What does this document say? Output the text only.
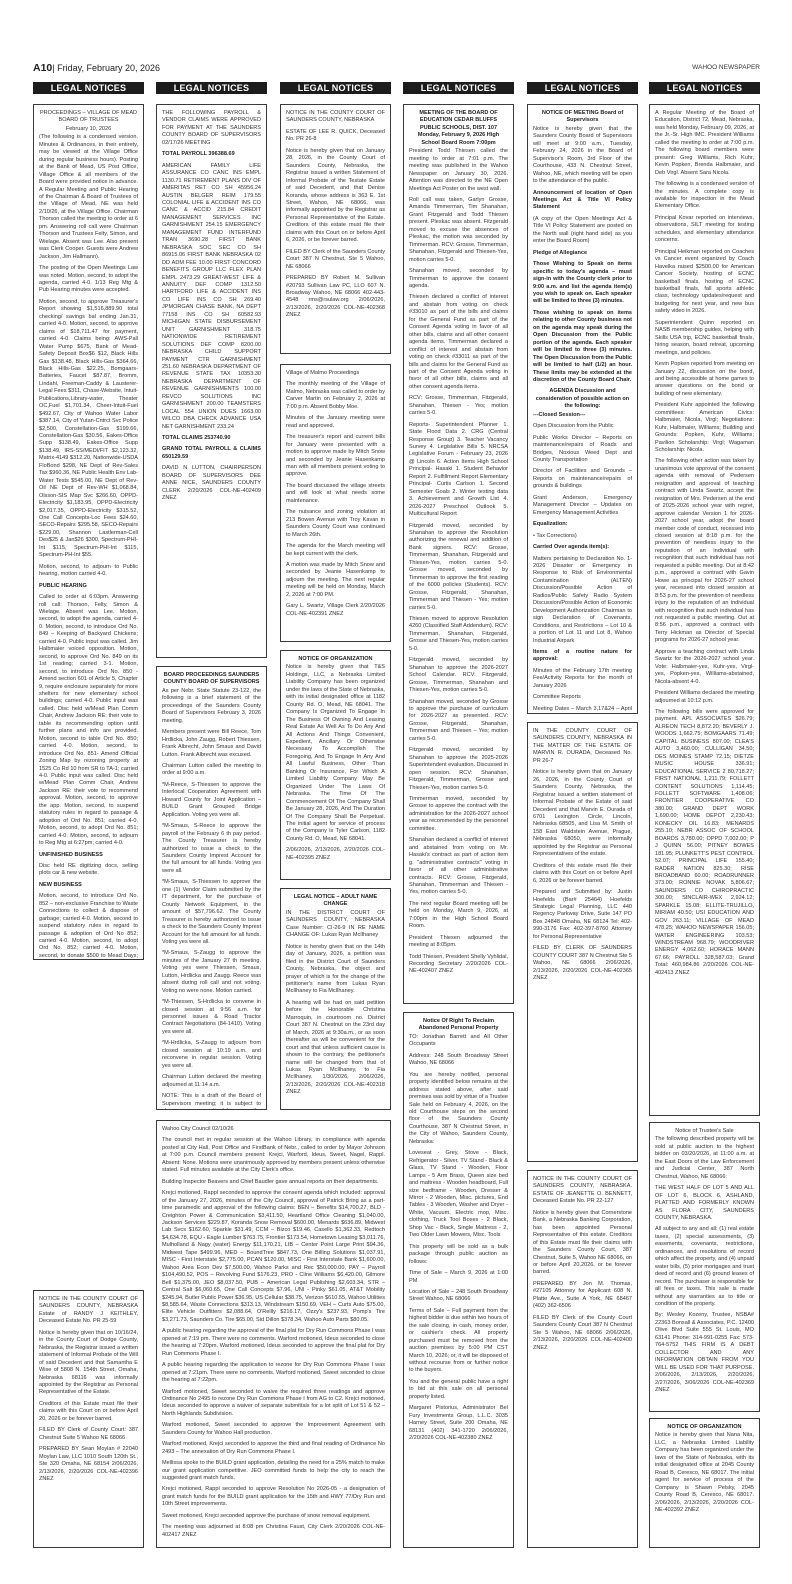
A10| Friday, February 20, 2026	WAHOO NEWSPAPER
LEGAL NOTICES	LEGAL NOTICES	LEGAL NOTICES	LEGAL NOTICES	LEGAL NOTICES	LEGAL NOTICES

PROCEEDINGS – VILLAGE OF MEAD BOARD OF TRUSTEES

February 10, 2026

(The following is a condensed version. Minutes & Ordinances, in their entirety, may be viewed at the Village Office during regular business hours). Posting at the Bank of Mead, US Post Office, Village Office & all members of the Board were provided notice in advance. A Regular Meeting and Public Hearing of the Chairman & Board of Trustees of the Village of Mead, NE was held 2/10/26, at the Village Office. Chairman Thorson called the meeting to order at 6 pm. Answering roll call were Chairman Thorson and Trustees Felty, Simon, and Wielage. Absent was Lee. Also present was Clerk Cooper. Guests were Andrew Jackson, Jim Hallmann).

The posting of the Open Meetings Law was noted. Motion, second, to adopt the agenda, carried 4-0. 1/13 Reg Mtg & Pub Hearing minutes were accepted.

Motion, second, to approve Treasurer's Report showing $1,516,889.90 total checking/ savings bal ending Jan.31, carried 4-0. Motion, second, to approve claims of $18,711.47 for payment, carried 4-0. Claims being: AWS-Pall Water Pump $675, Bank of Mead-Safety Deposit Box$6 $12, Black Hills Gas $138.48, Black Hills-Gas $364.66, Black Hills-Gas $22.25, Bomgaars-Batteries, Faucet $87.87, Bromm, Lindahl, Freeman-Caddy & Lausterer-Legal Fees $311, Chase-Website, Intuit-Publications,Library-water, Theater OC,Fuel $1,701.34, Cheer-Intuit-Fuel $492.67, City of Wahoo Water Labor $387.14, City of Yutan-Cntrct Svc Police $2,500, Constellation-Gas $199.66, Constellation-Gas $30.56, Eakes-Office Supp $138.49, Eakes-Office Supp $138.49, IRS-SS/MEDI/FIT $2,123.32, Matrix-4149 $312.20, Nationwide-USDA FloBond $298, NE Dept of Rev-Sales Tax $960.36, NE Public Health Env Lab-Water Tests $545.00, NE Dept of Rev-Oil NE Dept of Rev-WH $1,068.84, Olsson-SIS Map Svc $266.60, OPPD-Electricity $1,183.95, OPPD-Electricity $2,017.35, OPPD-Electricity $315.52, One Call Concepts-Loc Fees $24.60, SECO-Repairs $295.58, SECO-Repairs $229.00, Shannon Lastlerman-Cell Des$25 & Jan$26 $300, Spectrum-PHI-Int $115, Spectrum-PHI-Int $115, Spectrum-PH-Int $55.

Motion, second, to adjourn to Public hearing, motion carried 4-0.

PUBLIC HEARING

Called to order at 6:03pm. Answering roll call: Thorson, Felty, Simon & Wielage. Absent was Lee. Motion, second, to adopt the agenda, carried 4-0. Motion, second, to introduce Ord No. 849 – Keeping of Backyard Chickens; carried 4-0. Public input was called. Jim Halbmaier voiced opposition. Motion, second, to approve Ord No. 849 on its 1st reading; carried 3-1. Motion, second, to introduce Ord No. 850 - Amend section 601 of Article 5, Chapter 9, require enclosure separately for more shelters for new elementary school buildings; carried 4-0. Public input was called. Disc held w/Mead Plan Comm Chair, Andrew Jackson RE: their vote to table its recommending option until further plans and info are provided. Motion, second to table Ord No. 850; carried 4-0. Motion, second, to introduce Ord No. 851- Amend Official Zoning Map by rezoning property at 1525 Co Rd 10 from SR to TA-1; carried 4-0. Public input was called. Disc held w/Mead Plan Comm Chair, Andrew Jackson RE: their vote to recommend approval. Motion, second, to approve the app. Motion, second, to suspend statutory rules in regard to passage & adoption of Ord No. 851; carried 4-0. Motion, second, to adopt Ord No. 851; carried 4-0. Motion, second, to adjourn to Reg Mtg at 6:27pm; carried 4-0.

UNFINISHED BUSINESS

Disc held RE digitizing docs, selling plots car & new website.

NEW BUSINESS

Motion, second, to introduce Ord No. 852 – non-exclusive Franchise to Waste Connections to collect & dispose of garbage; carried 4-0. Motion, second to suspend statutory rules in regard to passage & adoption of Ord No 852; carried 4-0. Motion, second, to adopt Ord No. 852; carried 4-0. Motion, second, to donate $500 to Mead Days;

NOTICE IN THE COUNTY COURT OF SAUNDERS COUNTY, NEBRASKA Estate of RANDY J KEITHLEY, Deceased Estate No. PR 25-59

Notice is hereby given that on 10/16/24, in the County Court of Dodge County, Nebraska, the Registrar issued a written statement of Informal Probate of the Will of said Decedent and that Samantha E Wise of 5808 N. 154th Street, Omaha, Nebraska 68116 was informally appointed by the Registrar as Personal Representative of the Estate.

Creditors of this Estate must file their claims with this Court on or before April 20, 2026 or be forever barred.

FILED BY Clerk of County Court: 387 Chestnut Suite 5 Wahoo NE 68066

PREPARED BY Sean Moylan # 22040 Moylan Law, LLC 1010 South 120th St., Ste 320 Omaha, NE 68154 2/06/2026, 2/13/2026, 2/20/2026 COL-NE-402396 ZNEZ

THE FOLLOWING PAYROLL & VENDOR CLAIMS WERE APPROVED FOR PAYMENT AT THE SAUNDERS COUNTY BOARD OF SUPERVISORS 02/17/26 MEETING

TOTAL PAYROLL 396388.69

AMERICAN FAMILY LIFE ASSURANCE CO CANC INS EMPL 1130.71 RETIREMENT PLANS DIV OF AMERITAS RET CO SH 45956.24 AUSTIN BELGER REIM 179.55 COLONIAL LIFE & ACCIDENT INS CO CANC & ACCID 215.84 CREDIT MANAGEMENT SERVICES INC GARNISHMENT 254.15 EMERGENCY MANAGEMENT FUND INTERFUND TRAN 3690.28 FIRST BANK NEBRASKA SOC SEC CO SH 86915.06 FIRST BANK NEBRASKA 02 DD ADM FEE 10.00 FIRST CONCORD BENEFITS GROUP LLC FLEX PLAN EMPL 2473.29 GREAT-WEST LIFE & ANNUITY DEF COMP 1312.50 HARTFORD LIFE & ACCIDENT INS CO LIFE INS CO SH 269.40 JPMORGAN CHASE BANK, NA DEPT 77158 INS CO SH 60582.93 MICHIGAN STATE DISBURSEMENT UNIT GARNISHMENT 318.75 NATIONWIDE RETIREMENT SOLUTIONS DEF COMP 8200.00 NEBRASKA CHILD SUPPORT PAYMENT CTR GARNISHMENT 251.60 NEBRASKA DEPARTMENT OF REVENUE STATE TAX 10353.30 NEBRASKA DEPARTMENT OF REVENUE GARNISHMENTS 100.00 REVCO SOLUTIONS INC GARNISHMENT 200.00 TEAMSTERS LOCAL 554 UNION DUES 1663.00 WILCO DBA CHECK ADVANCE USA NET GARNISHMENT 233.24

TOTAL CLAIMS 253740.90

GRAND TOTAL PAYROLL & CLAIMS 650129.59

DAVID N LUTTON, CHAIRPERSON BOARD OF SUPERVISORS DEE ANNE NICE, SAUNDERS COUNTY CLERK 2/20/2026 COL-NE-402409 ZNEZ

BOARD PROCEEDINGS SAUNDERS COUNTY BOARD OF SUPERVISORS

As per Nebr. State Statute 23-122, the following is a brief statement of the proceedings of the Saunders County Board of Supervisors February 3, 2026 meeting.

Members present were Bill Reece, Tom Hrdlicka, John Zaugg, Robert Thiessen, Frank Albrecht, John Smaus and David Lutton. Frank Albrecht was excused.

Chairman Lutton called the meeting to order at 9:00 a.m.

*M-Reece, S-Thiessen to approve the Interlocal Cooperation Agreement with Howard County for Joint Application – BUILD Grant Grouped Bridge Application. Voting yes were all.

*M-Smaus, S-Reece to approve the payroll of the February 6 th pay period. The County Treasurer is hereby authorized to issue a check to the Saunders County Imprest Account for the full amount for all funds. Voting yes were all.

*M-Smaus, S-Thiessen to approve the one (1) Vendor Claim submitted by the IT department, for the purchase of County Network Equipment, in the amount of $57,796.62. The County Treasurer is hereby authorized to issue a check to the Saunders County Imprest Account for the full amount for all funds. Voting yes were all.

*M-Smaus, S-Zaugg to approve the minutes of the January 27 th meeting. Voting yes were Thiessen, Smaus, Lutton, Hrdlicka and Zaugg. Reece was absent during roll call and not voting. Voting no were none. Motion carried.

*M-Thiessen, S-Hrdlicka to convene in closed session at 9:56 a.m. for personnel issues & Road Tractor Contract Negotiations (84-1410). Voting yes were all.

*M-Hrdlicka, S-Zaugg to adjourn from closed session at 10:19 a.m. and reconvene in regular session. Voting yes were all.

Chairman Lutton declared the meeting adjourned at 11:14 a.m.

NOTE: This is a draft of the Board of Supervisors meeting; it is subject to

NOTICE IN THE COUNTY COURT OF SAUNDERS COUNTY, NEBRASKA

ESTATE OF LEE R. QUICK, Deceased No. PR 26-8

Notice is hereby given that on January 28, 2026, in the County Court of Saunders County, Nebraska, the Registrar issued a written Statement of Informal Probate of the Testate Estate of said Decedent, and that Denise Koranda, whose address is 363 E. 1st Street, Wahoo, NE 68066, was informally appointed by the Registrar as Personal Representative of the Estate. Creditors of this estate must file their claims with this Court on or before April 6, 2026, or be forever barred.

FILED BY Clerk of the Saunders County Court 387 N Chestnut, Ste 5 Wahoo, NE 68066

PREPARED BY Robert M. Sullivan #20793 Sullivan Law PC, LLO 607 N. Broadway Wahoo, NE 68066 402-443-4548 rms@rsulaw.org 2/06/2026, 2/13/2026, 2/20/2026 COL-NE-402368 ZNEZ

Village of Malmo Proceedings

The monthly meeting of the Village of Malmo, Nebraska was called to order by Carver Martin on February 2, 2026 at 7:00 p.m. Absent Bobby Moe.

Minutes of the January meeting were read and approved.

The treasurer's report and current bills for January were presented with a motion to approve made by Mitch Snow and seconded by Jeanie Hasenkamp man with all members present voting to approve.

The board discussed the village streets and will look at what needs some maintenance.

The nuisance and zoning violation at 213 Bowen Avenue with Troy Kavan in Saunders County Court was continued to March 26th.

The agenda for the March meeting will be kept current with the clerk.

A motion was made by Mitch Snow and seconded by Jeanie Hasenkamp to adjourn the meeting. The next regular meeting will be held on Monday, March 2, 2026 at 7:00 PM.

Gary L. Swartz, Village Clerk 2/20/2026 COL-NE-402391 ZNEZ

NOTICE OF ORGANIZATION

Notice is hereby given that T&S Holdings, LLC, a Nebraska Limited Liability Company has been organized under the laws of the State of Nebraska, with its initial designated office at 1182 County Rd. O, Mead, NE 68041. The Company Is Organized To Engage In The Business Of Owning And Leasing Real Estate As Well As To Do Any And All Actions And Things Convenient, Expedient, Ancillary Or Otherwise Necessary To Accomplish The Foregoing, And To Engage In Any And All Lawful Business, Other Than Banking Or Insurance, For Which A Limited Liability Company May Be Organized Under The Laws Of Nebraska. The Time Of The Commencement Of The Company Shall Be January 28, 2026, And The Duration Of The Company Shall Be Perpetual. The initial agent for service of process of the Company is Tyler Carlson, 1182 County Rd. O, Mead, NE 68041.

2/06/2026, 2/13/2026, 2/20/2026 COL-NE-402395 ZNEZ

LEGAL NOTICE – ADULT NAME CHANGE

IN THE DISTRICT COURT OF SAUNDERS COUNTY, NEBRASKA Case Number: CI-26-9 IN RE NAME CHANGE OF: Lukas Ryan McIlhaney

Notice is hereby given that on the 14th day of January, 2026, a petition was filed in the District Court of Saunders County, Nebraska, the object and prayer of which is for the change of the petitioner's name from Lukas Ryan McIlhaney to Fia McIlhaney.

A hearing will be had on said petition before the Honorable Christina Marroquin, in courtroom no. District Court 387 N. Chestnut on the 23rd day of March, 2026 at 9:30a.m., or as soon thereafter as will be convenient for the court and that unless sufficient cause is shown to the contrary, the petitioner's name will be changed from that of Lukas Ryan McIlhaney, to Fia McIlhaney. 1/30/2026, 2/06/2026, 2/13/2026, 2/20/2026 COL-NE-402318 ZNEZ

Wahoo City Council 02/10/26

The council met in regular session at the Wahoo Library, in compliance with agenda posted at City Hall, Post Office and FirstBank of Nebr., called to order by Mayor Johnson at 7:00 p.m. Council members present: Krejci, Warford, Ideus, Sweet, Nagel, Rappl. Absent: None. Motions were unanimously approved by members present unless otherwise stated. Full minutes available at the City Clerk's office.

Building Inspector Beavers and Chief Baudler gave annual reports on their departments.

Krejci motioned, Rappl seconded to approve the consent agenda which included: approval of the January 27, 2026, minutes of the City Council, approval of Patrick Bring as a part-time paramedic and approval of the following claims: BEN – Benefits $14,700.27, BLD - Creighton Power & Communication $3,411.50, Heartland Office Cleaning $1,040.00, Jackson Services $229.87, Koranda Snow Removal $600.00, Menards $636.89, Midwest Lab Svcs $162.60, Sparkle $31.49, CCM – Bizco $19.46, Casello $1,362.33, Redtoch $4,634.78, EQU - Eagle Lumber $763.75, Frontier $173.54, Hometown Leasing $3,011.76, Mulholland & Nagy (water) Energy $11,170.21, LIB – Center Point Large Print $94.36, Midwest Tape $499.96, MED – BoundTree $847.73, One Billing Solutions $1,037.91, MISC - First Interstate $2,775.00, PCAN $120.00, MISC - First Interstate Bank $1,600.00, Wahoo Area Econ Dev $7,500.00, Wahoo Parks and Rec $50,000.00, PAY – Payroll $104,490.52, POS – Revolving Fund $176.23, PRO - Cline Williams $6,420.00, Gilmore Bell $1,375.00, JEO $8,037.50, PUB – American Legal Publishing $2,603.34, STR – Central Salt $6,060.65, One Call Concepts $7.96, UNI - Pinky $61.05, AT&T Mobility $245.94, Butler Public Power $36.95, US Cellular $38.75, Verizon $610.55, Wahoo Utilities $8,585.64, Waste Connections $313.13, Windstream $150.69, VEH – Curts Auto $75.00, Elite Vehicle Outfitters $2,088.64, O'Reilly $216.17, Ozzy's $237.93, Pomp's Tire $3,271.73, Saunders Co. Tire $65.00, Sid Dillon $378.34, Wahoo Auto Parts $80.05.

A public hearing regarding the approval of the final plat for Dry Run Commons Phase I was opened at 7:19 pm. There were no comments. Warford motioned, Ideus seconded to close the hearing at 7:20pm. Warford motioned, Ideus seconded to approve the final plat for Dry Run Commons Phase I.

A public hearing regarding the application to rezone for Dry Run Commons Phase I was opened at 7:21pm. There were no comments. Warford motioned, Sweet seconded to close the hearing at 7:22pm.

Warford motioned, Sweet seconded to waive the required three readings and approve Ordinance No 2495 to rezone Dry Run Commons Phase I from AG to C2. Krejci motioned, Ideus seconded to approve a waiver of separate submittals for a lot split of Lot 51 & 52 – North Highlands Subdivision.

Warford motioned, Sweet seconded to approve the Improvement Agreement with Saunders County for Wahoo Hall production.

Warford motioned, Krejci seconded to approve the third and final reading of Ordinance No 2493 – The annexation of Dry Run Commons Phase I.

Mellissa spoke to the BUILD grant application, detailing the need for a 25% match to make our grant application competitive. JEO committed funds to help the city to reach the suggested grant match funds.

Krejci motioned, Rappl seconded to approve Resolution No 2026-05 - a designation of grant match funds for the BUILD grant application for the 15th and HWY 77/Dry Run and 10th Street improvements.

Sweet motioned, Krejci seconded approve the purchase of snow removal equipment.

The meeting was adjourned at 8:08 pm Christina Faust, City Clerk 2/20/2026 COL-NE-402417 ZNEZ

MEETING OF THE BOARD OF EDUCATION CEDAR BLUFFS PUBLIC SCHOOLS, DIST. 107 Monday, February 9, 2026 High School Board Room 7:00pm

President Todd Thiesen called the meeting to order at 7:01 p.m. The meeting was published in the Wahoo Newspaper on January 30, 2026. Attention was directed to the NE Open Meetings Act Poster on the west wall.

Roll call was taken, Garlyn Grosse, Amanda Timmerman, Tim Shanahan, Grant Fitzgerald and Todd Thiesen present. Pleskac was absent. Fitzgerald moved to excuse the absences of Pleskac, the motion was seconded by Timmerman. RCV: Grosse, Timmerman, Shanahan, Fitzgerald and Thiesen-Yes, motion carries 5-0.

Shanahan moved, seconded by Timmerman to approve the consent agenda.

Thiesen declared a conflict of interest and abstain from voting on check #33010 as part of the bills and claims for the General Fund as part of the Consent Agenda voting in favor of all other bills, claims and all other consent agenda items. Timmerman declared a conflict of interest and abstain from voting on check #33011 as part of the bills and claims for the General Fund as part of the Consent Agenda voting in favor of all other bills, claims and all other consent agenda items.

RCV: Grosse, Timmerman, Fitzgerald, Shanahan, Thiesen - Yes; motion carries 5-0.

Reports- Superintendent Pfanner 1. State Flood Data 2. CRG (Central Response Group) 3. Teacher Vacancy Survey 4. Legislative Bills 5. NRCSA Legislative Forum - February 23, 2026 @ Lincoln 6. Action Items High School Principal- Hasaki 1. Student Behavior Report 2. Fulfillment Report Elementary Principal- Curtis Carlson 1. Second Semester Goals 2. Winter testing data 3. Achievement and Growth List 4. 2026-2027 Preschool Outlook 5. Multicultural Report

Fitzgerald moved, seconded by Shanahan to approve the Resolution authorizing the renewal and addition of Bank signers. RCV: Grosse, Timmerman, Shanahan, Fitzgerald and Thiesen-Yes, motion carries 5-0. Grosse moved, seconded by Timmerman to approve the first reading of the 6000 policies (Students). RCV: Grosse, Fitzgerald, Shanahan, Timmerman and Thiesen - Yes; motion carries 5-0.

Thiesen moved to approve Resolution 4260 (Classified Staff Addendum). RCV: Timmerman, Shanahan, Fitzgerald, Grosse and Thiesen-Yes, motion carries 5-0.

Fitzgerald moved, seconded by Shanahan to approve the 2026-2027 School Calendar. RCV: Fitzgerald, Grosse, Timmerman, Shanahan and Thiesen-Yes, motion carries 5-0.

Shanahan moved, seconded by Grosse to approve the purchase of curriculum for 2026-2027 as presented. RCV: Grosse, Fitzgerald, Shanahan, Timmerman and Thiesen – Yes; motion carries 5-0.

Fitzgerald moved, seconded by Shanahan to approve the 2025-2026 Superintendent evaluation. Discussed in open session. RCV: Shanahan, Fitzgerald, Timmerman, Grosse and Thiesen-Yes, motion carries 5-0.

Timmerman moved, seconded by Grosse to approve the contract with the administration for the 2026-2027 school year as recommended by the personnel committee.

Shanahan declared a conflict of interest and abstained from voting on Mr. Hasaki's contract as part of action item g. "administrative contracts" voting in favor of all other administrative contracts. RCV: Grosse, Fitzgerald, Shanahan, Timmerman and Thiesen - Yes, motion carries 5-0.

The next regular Board meeting will be held on Monday, March 9, 2026, at 7:00pm in the High School Board Room.

President Thiesen adjourned the meeting at 8:05pm.

Todd Thiesen, President Shelly Vyhlidal, Recording Secretary 2/20/2026 COL-NE-402407 ZNEZ

Notice Of Right To Reclaim Abandoned Personal Property

TO: Jonathan Barrett and All Other Occupants

Address: 248 South Broadway Street Wahoo, NE 68066

You are hereby notified, personal property identified below remains at the address stated above, after said premises was sold by virtue of a Trustee Sale held on February 4, 2026, on the old Courthouse steps on the second floor of the Saunders County Courthouse, 387 N Chestnut Street, in the City of Wahoo, Saunders County, Nebraska:

Loveseat - Grey, Stove - Black, Refrigerator - Silver, TV Stand - Black & Glass, TV Stand - Wooden, Floor Lamps - 5 Arm Brass, Queen size bed and mattress - Wooden headboard, Full size bedframe - Wooden, Dresser & Mirror - 2 Wooden, Misc. pictures, End Tables - 3 Wooden, Washer and Dryer - White, Vacuum, Electric mop, Misc. clothing, Truck Tool Boxes - 2 Black, Shop Vac - Black, Single Mattress - 2, Two Older Lawn Mowers, Misc. Tools

This property will be sold as a bulk package through public auction as follows:

Time of Sale – March 9, 2026 at 1:00 PM

Location of Sale – 248 South Broadway Street Wahoo, NE 68066

Terms of Sale – Full payment from the highest bidder is due within two hours of the sale closing, in cash, money order, or cashier's check. All property purchased must be removed from the auction premises by 5:00 PM CST March 10, 2026; or, it will be disposed of without recourse from or further notice to the buyers.

You and the general public have a right to bid at this sale on all personal property listed.

Margaret Pistorius, Administrator Bel Fury Investments Group, L.L.C. 3035 Harney Street, Suite 200 Omaha, NE 68131 (402) 341-1720 2/06/2026, 2/20/2026 COL-NE-402380 ZNEZ

NOTICE OF MEETING Board of Supervisors

Notice is hereby given that the Saunders County Board of Supervisors will meet at 9:00 a.m., Tuesday, February 24, 2026 in the Board of Supervisor's Room, 3rd Floor of the Courthouse, 433 N. Chestnut Street, Wahoo, NE, which meeting will be open to the attendance of the public.

Announcement of location of Open Meetings Act & Title VI Policy Statement

(A copy of the Open Meetings Act & Title VI Policy Statement are posted on the North wall (right hand side) as you enter the Board Room)

Pledge of Allegiance

Those Wishing to Speak on items specific to today's agenda – must sign-in with the County clerk prior to 9:00 a.m. and list the agenda item(s) you wish to speak on. Each speaker will be limited to three (3) minutes.

Those wishing to speak on items relating to other County business not on the agenda may speak during the Open Discussion from the Public portion of the agenda. Each speaker will be limited to three (3) minutes. The Open Discussion from the Public will be limited to half (1/2) an hour. These limits may be extended at the discretion of the County Board Chair.

AGENDA Discussion and consideration of possible action on the following:

---Closed Session---

Open Discussion from the Public

Public Works Director – Reports on maintenance/repairs of Roads and Bridges, Noxious Weed Dept and County Transportation

Director of Facilities and Grounds – Reports on maintenance/repairs of grounds & buildings

Grant Anderson, Emergency Management Director – Updates on Emergency Management Activities

Equalization:

• Tax Corrections)

Carried Over agenda item(s):

Matters pertaining to Declaration No. 1-2026 Disaster or Emergency in Response to Risk of Environmental Contamination (ALTEN) Discussion/Possible Action of Radios/Public Safety Radio System Discussion/Possible Action of Economic Development Authorization Chairman to sign Declaration of Covenants, Conditions, and Restrictions – Lot 10 & a portion of Lot 11 and Lot 8, Wahoo Industrial Airpark

Items of a routine nature for approval:

Minutes of the February 17th meeting Fee/Activity Reports for the month of January 2026

Committee Reports

Meeting Dates – March 3,17&24 – April

IN THE COUNTY COURT OF SAUNDERS COUNTY, NEBRASKA IN THE MATTER OF THE ESTATE OF MARVIN R. OURADA, Deceased No. PR 26-7

Notice is hereby given that on January 26, 2026, in the County Court of Saunders County, Nebraska, the Registrar issued a written statement of Informal Probate of the Estate of said Decedent and that Marvin E. Ourada of 6701 Lexington Circle, Lincoln, Nebraska 68505, and Lisa M. Smith of 158 East Waldstein Avenue, Prague, Nebraska 68050, were informally appointed by the Registrar as Personal Representatives of the estate.

Creditors of this estate must file their claims with this Court on or before April 6, 2026 or be forever barred.

Prepared and Submitted by: Justin Hoefelds (Bar# 25464) Hoefelds Strategic Legal Planning, LLC 440 Regency Parkway Drive, Suite 147 PO Box 24848 Omaha, NE 68124 Tel: 402-990-3176 Fax: 402-397-8760 Attorney for Personal Representative

FILED BY CLERK OF SAUNDERS COUNTY COURT 387 N Chestnut Ste 5 Wahoo, NE 68066 2/06/2026, 2/13/2026, 2/20/2026 COL-NE-402365 ZNEZ

NOTICE IN THE COUNTY COURT OF SAUNDERS COUNTY, NEBRASKA. ESTATE OF JEANETTE O. BENNETT, Deceased Estate No. PR 22-127

Notice is hereby given that Cornerstone Bank, a Nebraska Banking Corporation, has been appointed Personal Representative of this estate. Creditors of this Estate must file their claims with the Saunders County Court, 387 Chestnut, Suite 5, Wahoo NE 68066, on or before April 20,2026, or be forever barred.

PREPARED BY Jon M. Thomas, #27105 Attorney for Applicant 608 N. Platte Ave., Suite A York, NE 68467 (402) 362-6506

FILED BY Clerk of the County Court Saunders County Court 387 N Chestnut Ste 5 Wahoo, NE 68066 2/06/2026, 2/13/2026, 2/20/2026 COL-NE-402400 ZNEZ

A Regular Meeting of the Board of Education, District 72, Mead, Nebraska, was held Monday, February 09, 2026, at the Jr.-Sr. High IMC. President Williams called the meeting to order at 7:00 p.m. The following board members were present: Greg Williams, Rich Kuhr, Kevin Popken, Brenda Halbmaier, and Deb Virgl. Absent Sara Nicola.

The following is a condensed version of the minutes. A complete copy is available for inspection in the Mead Elementary Office.

Principal Kovar reported on interviews, observations, SILT meeting for testing schedules, and elementary attendance concerns.

Principal Heikman reported on Coaches vs Cancer event organized by Coach Havelka raised $2500.00 for American Cancer Society, hosting of ECNC basketball finals, hosting of ECNC basketball finals, fall sports athletic class, technology updates/request and budgeting for next year, and new bus safety video in 2026.

Superintendent Quinn reported on NASB membership guides, helping with Skills USA trip, ECNC basketball finals, hiring season, board retreat, upcoming meetings, and policies.

Kevin Popken reported from meeting on January 22, discussion on the bond, and being accessible at home games to answer questions on the bond or building of new elementary.

President Kuhr appointed the following committees: American Civics: Halbmaier, Nicola, Virgl; Negotiations: Kuhr, Halbmaier, Williams; Building and Grounds: Popken, Kuhr, Williams; Pavilion Scholarship: Virgl; Wagaman Scholarship: Nicola.

The following other action was taken by unanimous vote approval of the consent agenda with removal of Pedersen resignation and approval of teaching contract with Linda Swartz, accept the resignation of Mrs. Pedersen at the end of 2025-2026 school year with regret, approve calendar Version 1 for 2026-2027 school year, adopt the board member code of conduct, recessed into closed session at 8:18 p.m. for the prevention of needless injury to the reputation of an individual with recognition that such individual has not requested a public meeting. Out at 8:42 p.m., approved a contract with Gavin Howe as principal for 2026-27 school year, recessed into closed session at 8:53 p.m. for the prevention of needless injury to the reputation of an individual with recognition that such individual has not requested a public meeting. Out at 8:56 p.m., approved a contract with Terry Hickman as Director of Special programs for 2026-27 school year.

Approve a teaching contract with Linda Swartz for the 2026-2027 school year. Vote: Halbmaier-yes, Kuhr-yes, Virgl-yes, Popken-yes, Williams-abstained, Nicola-absent 4-0.

President Williams declared the meeting adjourned at 10:12 p.m.

The following bills were approved for payment. APL ASSOCIATES $26.79; ALREON TECH 8,872.20; BEVERLY J. WOODS 1,662.75; BOMGAARS 71.49; CAPITAL BUSINESS 807.00; CLEA'S AUTO 3,460.00; CULLIGAN 34.50; DES MOINES STAMP 72.15; DIETZE MUSIC HOUSE 336.91; EDUCATIONAL SERVICE 2 80,718.27; FIRST NATIONAL 1,211.79; FOLLETT CONTENT SOLUTIONS 1,114.45; FOLLETT SOFTWARE 1,408.06; FRONTIER COOPERATIVE CO 380.00; GRAND DEPT WORK 1,690.00; HOME DEPOT 2,230.43; KONECKY OIL 16.83; MENARDS 255.10; NEBR ASSOC OF SCHOOL BOARDS 3,780.00; OPPD 7,002.00; P J QUINN 56.00; PITNEY BOWES 181.95; PLUNKETT'S PEST CONTROL 52.07; PRINCIPAL LIFE 155.40; RADER NATION 825.30; RISE BROADBAND 60.00; ROADRUNNER 373.00; RONNIE NOVAK 5,806.67; SAUNDERS CO CHIROPRACTIC 300.00; SINCLAIR-WEX 2,924.12; SPARKLE 15.08; ELLITE-TRUJILLO, MIRIAM 40.50; USI EDUCATION AND GOV 263.11; VILLAGE OF MEAD 478.25; WAHOO NEWSPAPER 156.05; WATER ENGINEERING 103.53; WINDSTREAM 968.79; WOODRIVER ENERGY 4,062.60; HORACE MANN 67.66; PAYROLL 328,587.03; Grand Total: 460,984.86 2/20/2026 COL-NE-402413 ZNEZ

Notice of Trustee's Sale

The following described property will be sold at public auction to the highest bidder on 03/20/2026, at 11:00 a.m. at the East Doors of the Law Enforcement and Judicial Center, 387 North Chestnut, Wahoo, NE 68066:

THE WEST HALF OF LOT 5 AND ALL OF LOT 6, BLOCK 6, ASHLAND, PLATTED AND FORMERLY KNOWN AS FLORA CITY, SAUNDERS COUNTY, NEBRASKA.

All subject to any and all: (1) real estate taxes, (2) special assessments, (3) easements, covenants, restrictions, ordinances, and resolutions of record which affect the property, and (4) unpaid water bills, (5) prior mortgages and trust deed of record and (6) ground leases of record. The purchaser is responsible for all fees or taxes. This sale is made without any warranties as to title or condition of the property.

By: Wesley Kozeny, Trustee, NSBA# 22363 Bonsall & Associates, P.C. 12400 Olive Blvd Suite 555 St. Louis, MO 63141 Phone: 314-991-0255 Fax: 573-764-5752 THIS FIRM IS A DEBT COLLECTOR AND ANY INFORMATION OBTAIN FROM YOU WILL BE USED FOR THAT PURPOSE. 2/06/2026, 2/13/2026, 2/20/2026, 2/27/2026, 3/06/2026 COL-NE-402369 ZNEZ

NOTICE OF ORGANIZATION

Notice is hereby given that Nana Nita, LLC, a Nebraska Limited Liability Company has been organized under the laws of the State of Nebraska, with its initial designated office at 2045 County Road B, Ceresco, NE 68017. The initial agent for service of process of the Company is Shawn Pelsky, 2045 County Road B, Ceresco, NE 68017. 2/06/2026, 2/13/2026, 2/20/2026 COL-NE-402392 ZNEZ
